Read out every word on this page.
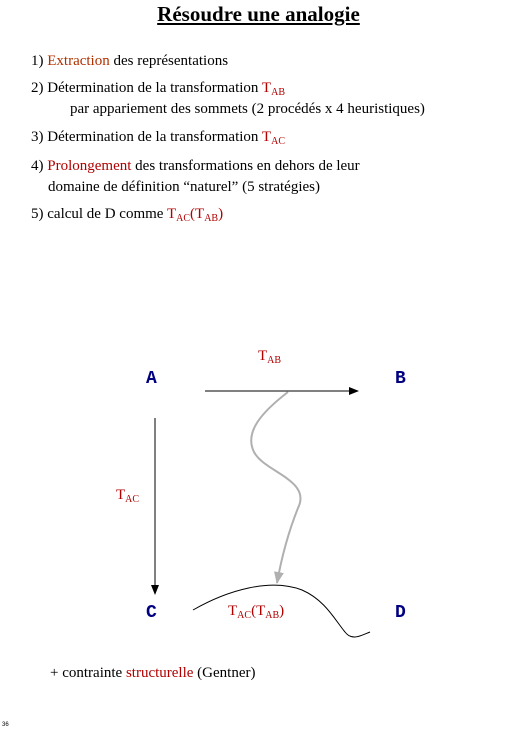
Résoudre une analogie
1) Extraction des représentations
2) Détermination de la transformation $T_{AB}$
par appariement des sommets (2 procédés x 4 heuristiques)
3) Détermination de la transformation $T_{AC}$
4) Prolongement des transformations en dehors de leur
domaine de définition “naturel” (5 stratégies)
5) calcul de D comme $T_{AC}(T_{AB})$
A	B
C	D
$T_{AB}$
$T_{AC}$
$T_{AC}(T_{AB})$
+ contrainte structurelle (Gentner)
36
